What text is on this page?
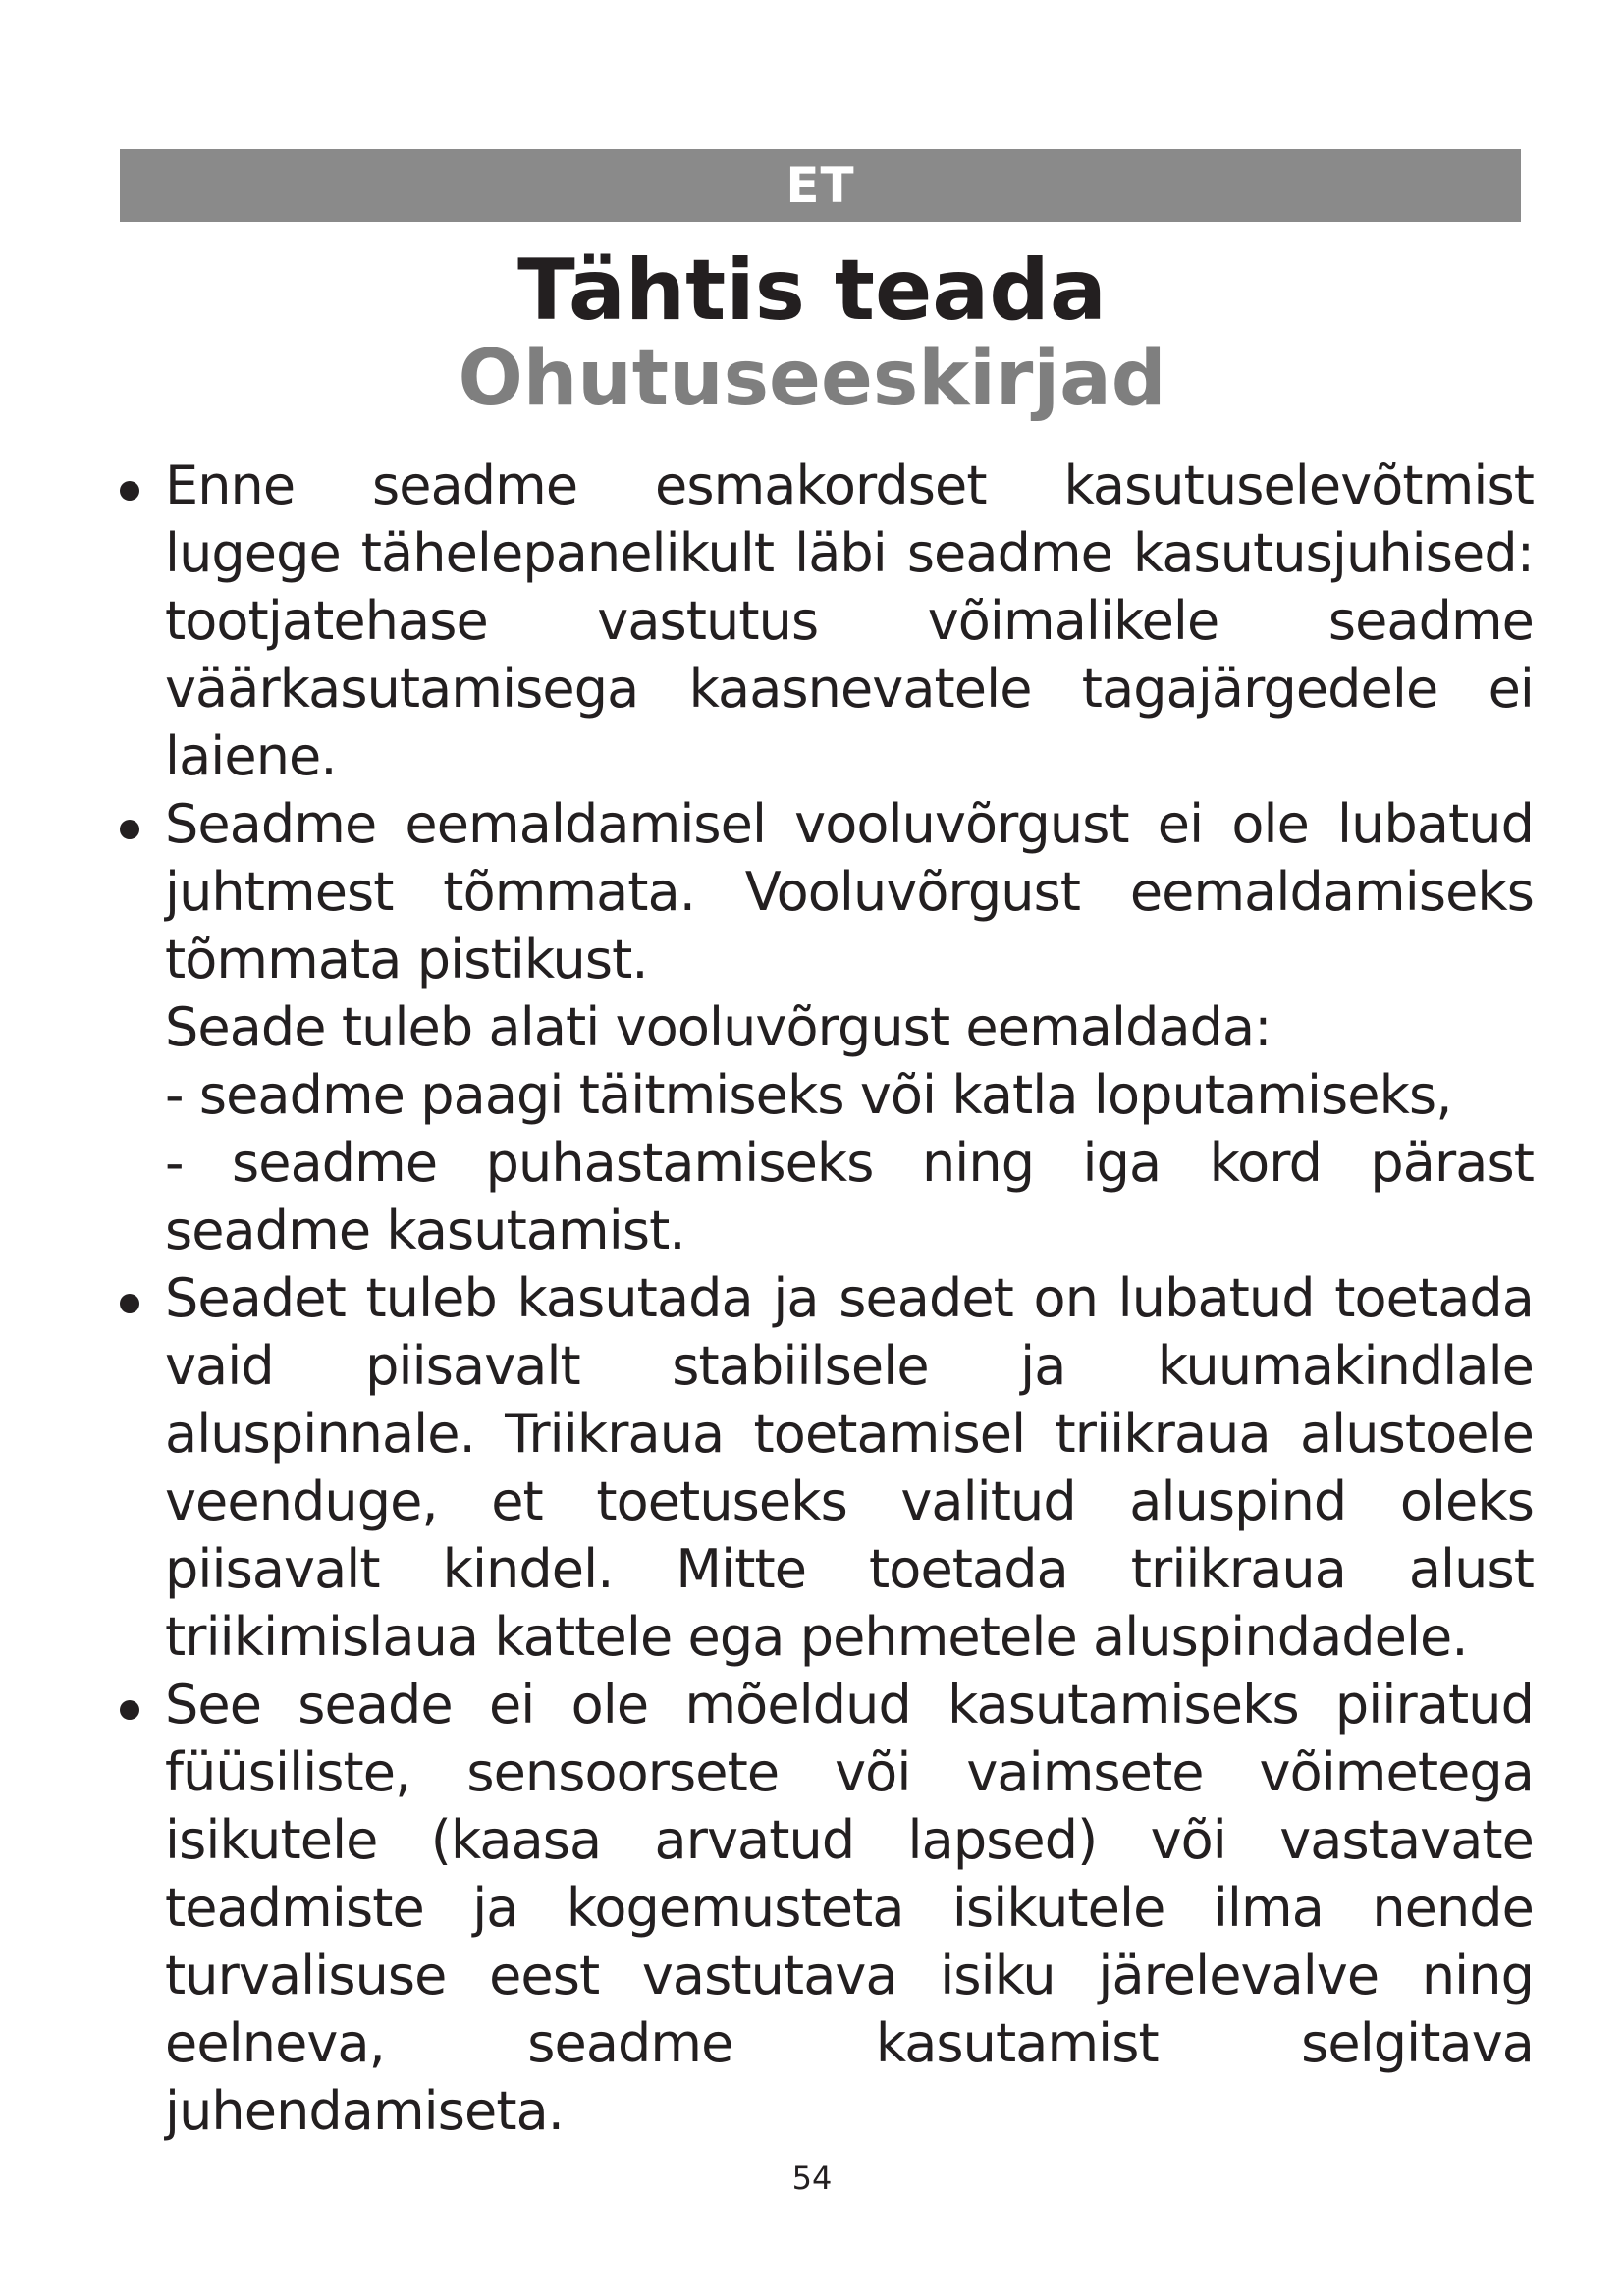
ET
Tähtis teada
Ohutuseeskirjad
Enne seadme esmakordset kasutuselevõtmist lugege tähelepanelikult läbi seadme kasutusjuhised: tootjatehase vastutus võimalikele seadme väärkasutamisega kaasnevatele tagajärgedele ei laiene.
Seadme eemaldamisel vooluvõrgust ei ole lubatud juhtmest tõmmata. Vooluvõrgust eemaldamiseks tõmmata pistikust.
Seade tuleb alati vooluvõrgust eemaldada:
- seadme paagi täitmiseks või katla loputamiseks,
- seadme puhastamiseks ning iga kord pärast seadme kasutamist.
Seadet tuleb kasutada ja seadet on lubatud toetada vaid piisavalt stabiilsele ja kuumakindlale aluspinnale. Triikraua toetamisel triikraua alustoele veenduge, et toetuseks valitud aluspind oleks piisavalt kindel. Mitte toetada triikraua alust triikimislaua kattele ega pehmetele aluspindadele.
See seade ei ole mõeldud kasutamiseks piiratud füüsiliste, sensoorsete või vaimsete võimetega isikutele (kaasa arvatud lapsed) või vastavate teadmiste ja kogemusteta isikutele ilma nende turvalisuse eest vastutava isiku järelevalve ning eelneva, seadme kasutamist selgitava juhendamiseta.
54
